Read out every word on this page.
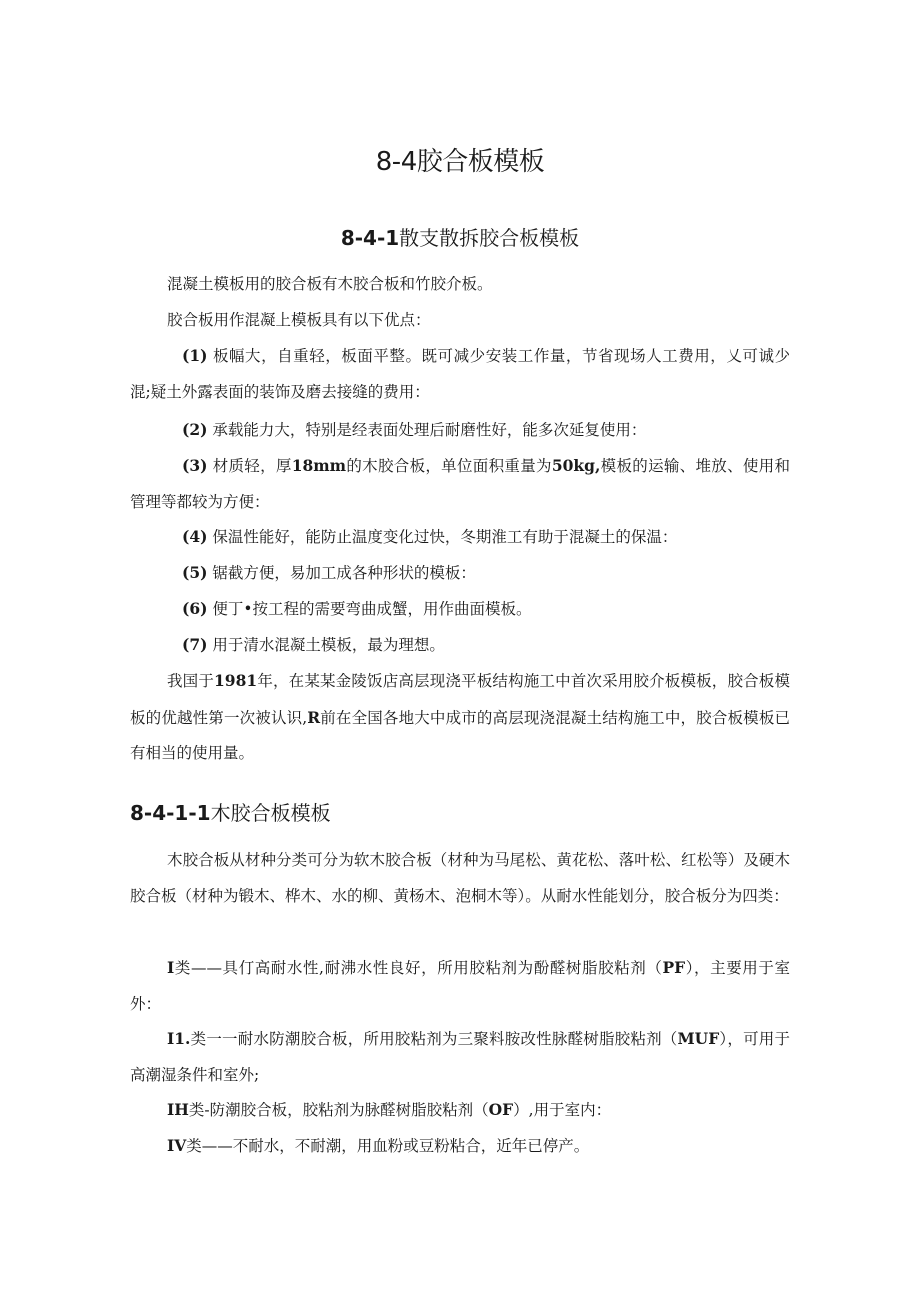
8-4胶合板模板
8-4-1散支散拆胶合板模板
混凝土模板用的胶合板有木胶合板和竹胶介板。
胶合板用作混凝上模板具有以下优点：
(1) 板幅大，自重轻，板面平整。既可减少安装工作量，节省现场人工费用，乂可诚少混;疑土外露表面的装饰及磨去接缝的费用：
(2) 承载能力大，特别是经表面处理后耐磨性好，能多次延复使用：
(3) 材质轻，厚18mm的木胶合板，单位面积重量为50kg,模板的运输、堆放、使用和管理等都较为方便：
(4) 保温性能好，能防止温度变化过快，冬期淮工有助于混凝土的保温：
(5) 锯截方便，易加工成各种形状的模板：
(6) 便丁•按工程的需要弯曲成蟹，用作曲面模板。
(7) 用于清水混凝土模板，最为理想。
我国于1981年，在某某金陵饭店高层现浇平板结构施工中首次采用胶介板模板，胶合板模板的优越性第一次被认识,R前在全国各地大中成市的高层现浇混凝土结构施工中，胶合板模板已有相当的使用量。
8-4-1-1木胶合板模板
木胶合板从材种分类可分为软木胶合板（材种为马尾松、黄花松、落叶松、红松等）及硬木胶合板（材种为锻木、桦木、水的柳、黄杨木、泡桐木等）。从耐水性能划分，胶合板分为四类：
I类——具仃高耐水性,耐沸水性良好，所用胶粘剂为酚醛树脂胶粘剂（PF），主要用于室外：
I1.类一一耐水防潮胶合板，所用胶粘剂为三聚料胺改性脉醛树脂胶粘剂（MUF），可用于高潮湿条件和室外;
IH类-防潮胶合板，胶粘剂为脉醛树脂胶粘剂（OF）,用于室内：
IV类——不耐水，不耐潮，用血粉或豆粉粘合，近年已停产。
